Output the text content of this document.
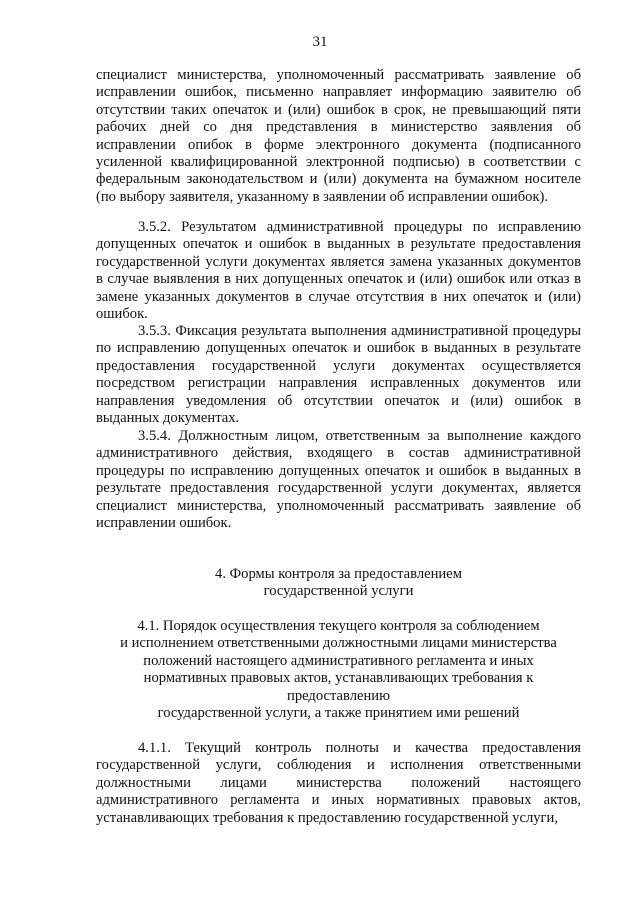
31

специалист министерства, уполномоченный рассматривать заявление об исправлении ошибок, письменно направляет информацию заявителю об отсутствии таких опечаток и (или) ошибок в срок, не превышающий пяти рабочих дней со дня представления в министерство заявления об исправлении опибок в форме электронного документа (подписанного усиленной квалифицированной электронной подписью) в соответствии с федеральным законодательством и (или) документа на бумажном носителе (по выбору заявителя, указанному в заявлении об исправлении ошибок).

3.5.2. Результатом административной процедуры по исправлению допущенных опечаток и ошибок в выданных в результате предоставления государственной услуги документах является замена указанных документов в случае выявления в них допущенных опечаток и (или) ошибок или отказ в замене указанных документов в случае отсутствия в них опечаток и (или) ошибок.

3.5.3. Фиксация результата выполнения административной процедуры по исправлению допущенных опечаток и ошибок в выданных в результате предоставления государственной услуги документах осуществляется посредством регистрации направления исправленных документов или направления уведомления об отсутствии опечаток и (или) ошибок в выданных документах.

3.5.4. Должностным лицом, ответственным за выполнение каждого административного действия, входящего в состав административной процедуры по исправлению допущенных опечаток и ошибок в выданных в результате предоставления государственной услуги документах, является специалист министерства, уполномоченный рассматривать заявление об исправлении ошибок.

4. Формы контроля за предоставлением
государственной услуги
4.1. Порядок осуществления текущего контроля за соблюдением
и исполнением ответственными должностными лицами министерства
положений настоящего административного регламента и иных
нормативных правовых актов, устанавливающих требования к
предоставлению
государственной услуги, а также принятием ими решений

4.1.1. Текущий контроль полноты и качества предоставления государственной услуги, соблюдения и исполнения ответственными должностными лицами министерства положений настоящего административного регламента и иных нормативных правовых актов, устанавливающих требования к предоставлению государственной услуги,
